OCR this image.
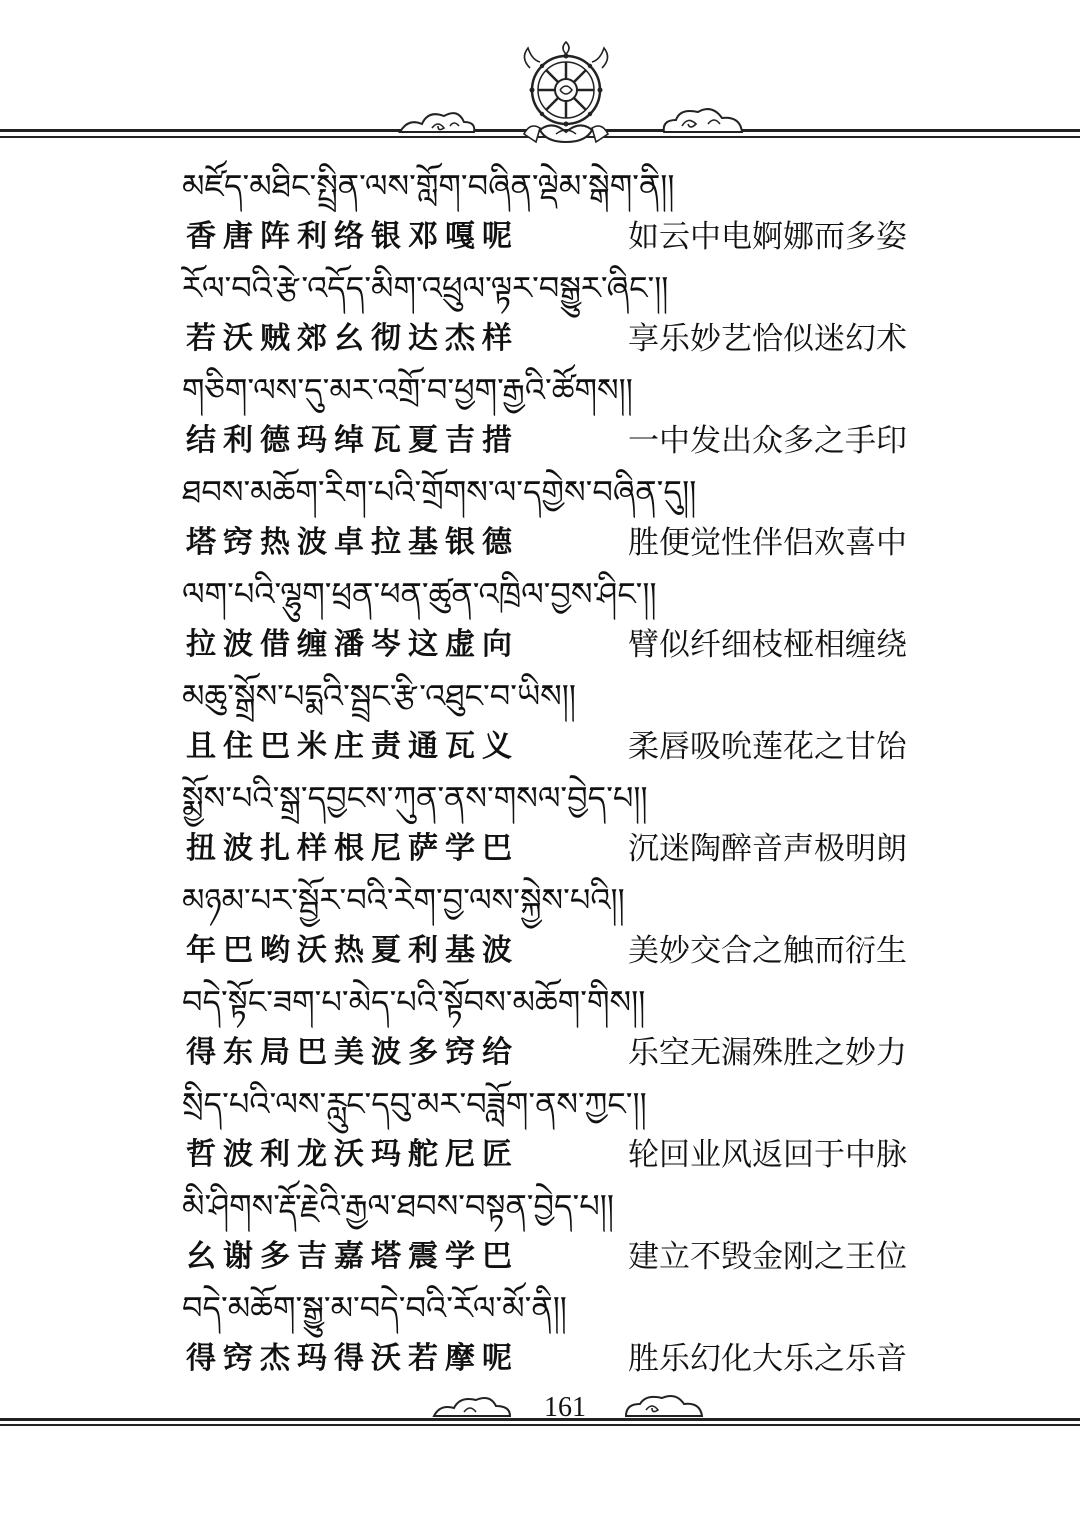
མཛོད་མཐིང་སྤྲིན་ལས་གློག་བཞིན་ལྡེམ་སྒེག་ནི།།
香唐阵利络银邓嘎呢	如云中电婀娜而多姿
རོལ་བའི་རྩེ་འདོད་མིག་འཕྲུལ་ལྟར་བསྒྱུར་ཞིང་།།
若沃贼郊幺彻达杰样	享乐妙艺恰似迷幻术
གཅིག་ལས་དུ་མར་འགྲོ་བ་ཕྱག་རྒྱའི་ཚོགས།།
结利德玛绰瓦夏吉措	一中发出众多之手印
ཐབས་མཆོག་རིག་པའི་གྲོགས་ལ་དགྱེས་བཞིན་དུ།།
塔窍热波卓拉基银德	胜便觉性伴侣欢喜中
ལག་པའི་ལྷུག་ཕྲན་ཕན་ཚུན་འཁྲིལ་བྱས་ཤིང་།།
拉波借缠潘岑这虚向	臂似纤细枝桠相缠绕
མཆུ་སྒྲོས་པདྨའི་སྦྲང་རྩི་འཐུང་བ་ཡིས།།
且住巴米庄责通瓦义	柔唇吸吮莲花之甘饴
སྨྱོས་པའི་སྒྲ་དབྱངས་ཀུན་ནས་གསལ་བྱེད་པ།།
扭波扎样根尼萨学巴	沉迷陶醉音声极明朗
མཉམ་པར་སྦྱོར་བའི་རེག་བྱ་ལས་སྐྱེས་པའི།།
年巴哟沃热夏利基波	美妙交合之触而衍生
བདེ་སྟོང་ཟག་པ་མེད་པའི་སྟོབས་མཆོག་གིས།།
得东局巴美波多窍给	乐空无漏殊胜之妙力
སྲིད་པའི་ལས་རླུང་དབུ་མར་བཟློག་ནས་ཀྱང་།།
哲波利龙沃玛舵尼匠	轮回业风返回于中脉
མི་ཤིགས་རྡོ་རྗེའི་རྒྱལ་ཐབས་བསྟན་བྱེད་པ།།
幺谢多吉嘉塔震学巴	建立不毁金刚之王位
བདེ་མཆོག་སྒྱུ་མ་བདེ་བའི་རོལ་མོ་ནི།།
得窍杰玛得沃若摩呢	胜乐幻化大乐之乐音
161
